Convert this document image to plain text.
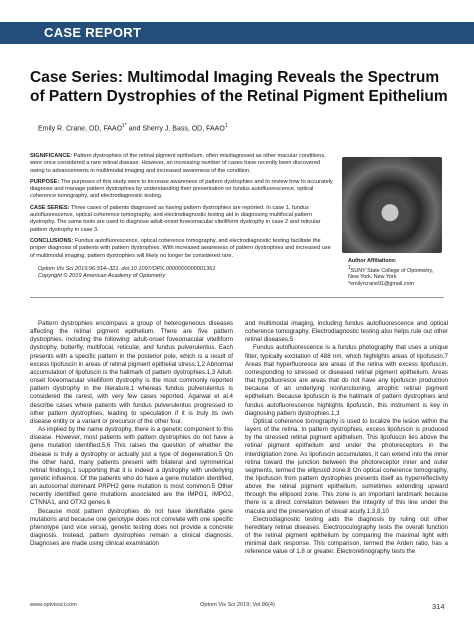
CASE REPORT
Case Series: Multimodal Imaging Reveals the Spectrum of Pattern Dystrophies of the Retinal Pigment Epithelium
Emily R. Crane, OD, $FAAO^{1*}$ and Sherry J. Bass, OD, FAAO$^1$

SIGNIFICANCE: Pattern dystrophies of the retinal pigment epithelium, often misdiagnosed as other macular conditions, were once considered a rare retinal disease. However, an increasing number of cases have recently been discovered owing to advancements in multimodal imaging and increased awareness of the condition.

PURPOSE: The purposes of this study were to increase awareness of pattern dystrophies and to review how to accurately diagnose and manage pattern dystrophies by understanding their presentation on fundus autofluorescence, optical coherence tomography, and electrodiagnostic testing.

CASE SERIES: Three cases of patients diagnosed as having pattern dystrophies are reported. In case 1, fundus autofluorescence, optical coherence tomography, and electrodiagnostic testing aid in diagnosing multifocal pattern dystrophy. The same tools are used to diagnose adult-onset foveomacular vitelliform dystrophy in case 2 and reticular pattern dystrophy in case 3.

CONCLUSIONS: Fundus autofluorescence, optical coherence tomography, and electrodiagnostic testing facilitate the proper diagnosis of patients with pattern dystrophies. With increased awareness of pattern dystrophies and increased use of multimodal imaging, pattern dystrophies will likely no longer be considered rare.

Optom Vis Sci 2019;96:314–321. doi:10.1097/OPX.0000000000001361

Copyright © 2019 American Academy of Optometry

Author Affiliations:
1SUNY State College of Optometry,
New York, New York
*emilyrcrane91@gmail.com

Pattern dystrophies encompass a group of heterogeneous diseases affecting the retinal pigment epithelium. There are five pattern dystrophies, including the following: adult-onset foveomacular vitelliform dystrophy, butterfly, multifocal, reticular, and fundus pulverulentus. Each presents with a specific pattern in the posterior pole, which is a result of excess lipofuscin in areas of retinal pigment epithelial stress.1,2 Abnormal accumulation of lipofuscin is the hallmark of pattern dystrophies.1,3 Adult-onset foveomacular vitelliform dystrophy is the most commonly reported pattern dystrophy in the literature,1 whereas fundus pulverulentus is considered the rarest, with very few cases reported. Agarwal et al.4 describe cases where patients with fundus pulverulentus progressed to other pattern dystrophies, leading to speculation if it is truly its own disease entity or a variant or precursor of the other four.

As implied by the name dystrophy, there is a genetic component to this disease. However, most patients with pattern dystrophies do not have a gene mutation identified.5,6 This raises the question of whether the disease is truly a dystrophy or actually just a type of degeneration.5 On the other hand, many patients present with bilateral and symmetrical retinal findings,1 supporting that it is indeed a dystrophy with underlying genetic influence. Of the patients who do have a gene mutation identified, an autosomal dominant PRPH2 gene mutation is most common.5 Other recently identified gene mutations associated are the IMPG1, IMPG2, CTNNA1, and OTX2 genes.6

Because most pattern dystrophies do not have identifiable gene mutations and because one genotype does not correlate with one specific phenotype (and vice versa), genetic testing does not provide a concrete diagnosis. Instead, pattern dystrophies remain a clinical diagnosis. Diagnoses are made using clinical examination

and multimodal imaging, including fundus autofluorescence and optical coherence tomography. Electrodiagnostic testing also helps rule out other retinal diseases.5

Fundus autofluorescence is a fundus photography that uses a unique filter, typically excitation of 488 nm, which highlights areas of lipofuscin.7 Areas that hyperfluoresce are areas of the retina with excess lipofuscin, corresponding to stressed or diseased retinal pigment epithelium. Areas that hypofluoresce are areas that do not have any lipofuscin production because of an underlying nonfunctioning, atrophic retinal pigment epithelium. Because lipofuscin is the hallmark of pattern dystrophies and fundus autofluorescence highlights lipofuscin, this instrument is key in diagnosing pattern dystrophies.1,3

Optical coherence tomography is used to localize the lesion within the layers of the retina. In pattern dystrophies, excess lipofuscin is produced by the stressed retinal pigment epithelium. This lipofuscin lies above the retinal pigment epithelium and under the photoreceptors in the interdigitation zone. As lipofuscin accumulates, it can extend into the inner retina toward the junction between the photoreceptor inner and outer segments, termed the ellipsoid zone.8 On optical coherence tomography, the lipofuscin from pattern dystrophies presents itself as hyperreflectivity above the retinal pigment epithelium, sometimes extending upward through the ellipsoid zone. This zone is an important landmark because there is a direct correlation between the integrity of this line under the macula and the preservation of visual acuity.1,3,8,10

Electrodiagnostic testing aids the diagnosis by ruling out other hereditary retinal diseases. Electrooculography tests the overall function of the retinal pigment epithelium by comparing the maximal light with minimal dark response. This comparison, termed the Arden ratio, has a reference value of 1.8 or greater. Electroretinography tests the

www.optvissci.com	Optom Vis Sci 2019; Vol 96(4)	314
